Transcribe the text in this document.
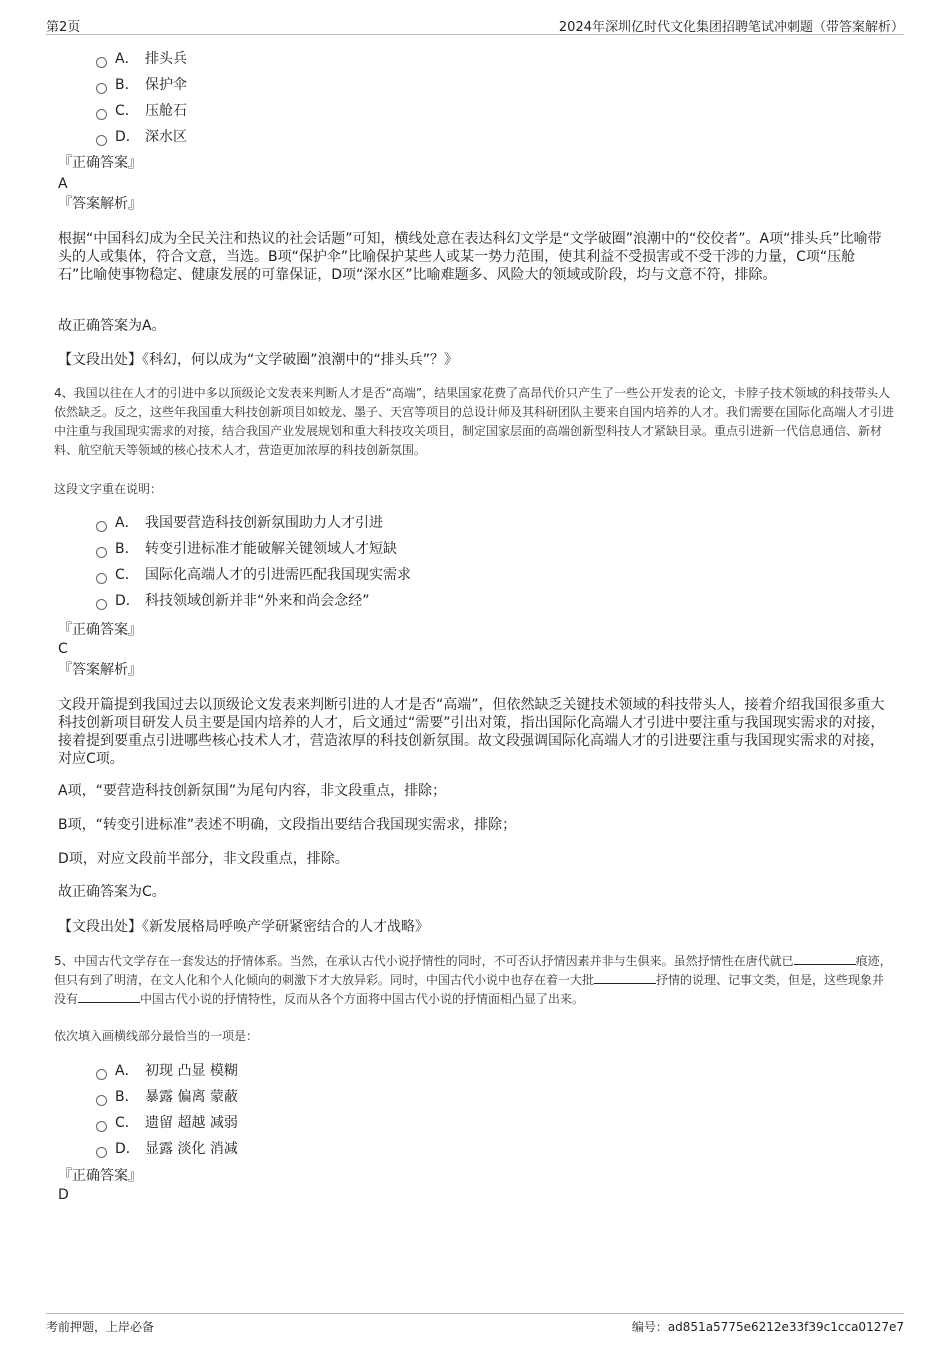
第2页	2024年深圳亿时代文化集团招聘笔试冲刺题（带答案解析）
A． 排头兵
B． 保护伞
C． 压舱石
D． 深水区
『正确答案』
A
『答案解析』
根据“中国科幻成为全民关注和热议的社会话题”可知，横线处意在表达科幻文学是“文学破圈”浪潮中的“佼佼者”。A项“排头兵”比喻带头的人或集体，符合文意，当选。B项“保护伞”比喻保护某些人或某一势力范围，使其利益不受损害或不受干涉的力量，C项“压舱石”比喻使事物稳定、健康发展的可靠保证，D项“深水区”比喻难题多、风险大的领域或阶段，均与文意不符，排除。
故正确答案为A。
【文段出处】《科幻，何以成为“文学破圈”浪潮中的“排头兵”？》
4、我国以往在人才的引进中多以顶级论文发表来判断人才是否“高端”，结果国家花费了高昂代价只产生了一些公开发表的论文，卡脖子技术领域的科技带头人依然缺乏。反之，这些年我国重大科技创新项目如蛟龙、墨子、天宫等项目的总设计师及其科研团队主要来自国内培养的人才。我们需要在国际化高端人才引进中注重与我国现实需求的对接，结合我国产业发展规划和重大科技攻关项目，制定国家层面的高端创新型科技人才紧缺目录。重点引进新一代信息通信、新材料、航空航天等领域的核心技术人才，营造更加浓厚的科技创新氛围。
这段文字重在说明：
A． 我国要营造科技创新氛围助力人才引进
B． 转变引进标准才能破解关键领域人才短缺
C． 国际化高端人才的引进需匹配我国现实需求
D． 科技领域创新并非“外来和尚会念经”
『正确答案』
C
『答案解析』
文段开篇提到我国过去以顶级论文发表来判断引进的人才是否“高端”，但依然缺乏关键技术领域的科技带头人，接着介绍我国很多重大科技创新项目研发人员主要是国内培养的人才，后文通过“需要”引出对策，指出国际化高端人才引进中要注重与我国现实需求的对接，接着提到要重点引进哪些核心技术人才，营造浓厚的科技创新氛围。故文段强调国际化高端人才的引进要注重与我国现实需求的对接，对应C项。
A项，“要营造科技创新氛围”为尾句内容，非文段重点，排除；
B项，“转变引进标准”表述不明确，文段指出要结合我国现实需求，排除；
D项，对应文段前半部分，非文段重点，排除。
故正确答案为C。
【文段出处】《新发展格局呼唤产学研紧密结合的人才战略》
5、中国古代文学存在一套发达的抒情体系。当然，在承认古代小说抒情性的同时，不可否认抒情因素并非与生俱来。虽然抒情性在唐代就已	痕迹，但只有到了明清，在文人化和个人化倾向的刺激下才大放异彩。同时，中国古代小说中也存在着一大批	抒情的说理、记事文类，但是，这些现象并没有	中国古代小说的抒情特性，反而从各个方面将中国古代小说的抒情面相凸显了出来。
依次填入画横线部分最恰当的一项是：
A． 初现 凸显 模糊
B． 暴露 偏离 蒙蔽
C． 遗留 超越 减弱
D． 显露 淡化 消减
『正确答案』
D
考前押题，上岸必备	编号：ad851a5775e6212e33f39c1cca0127e7
